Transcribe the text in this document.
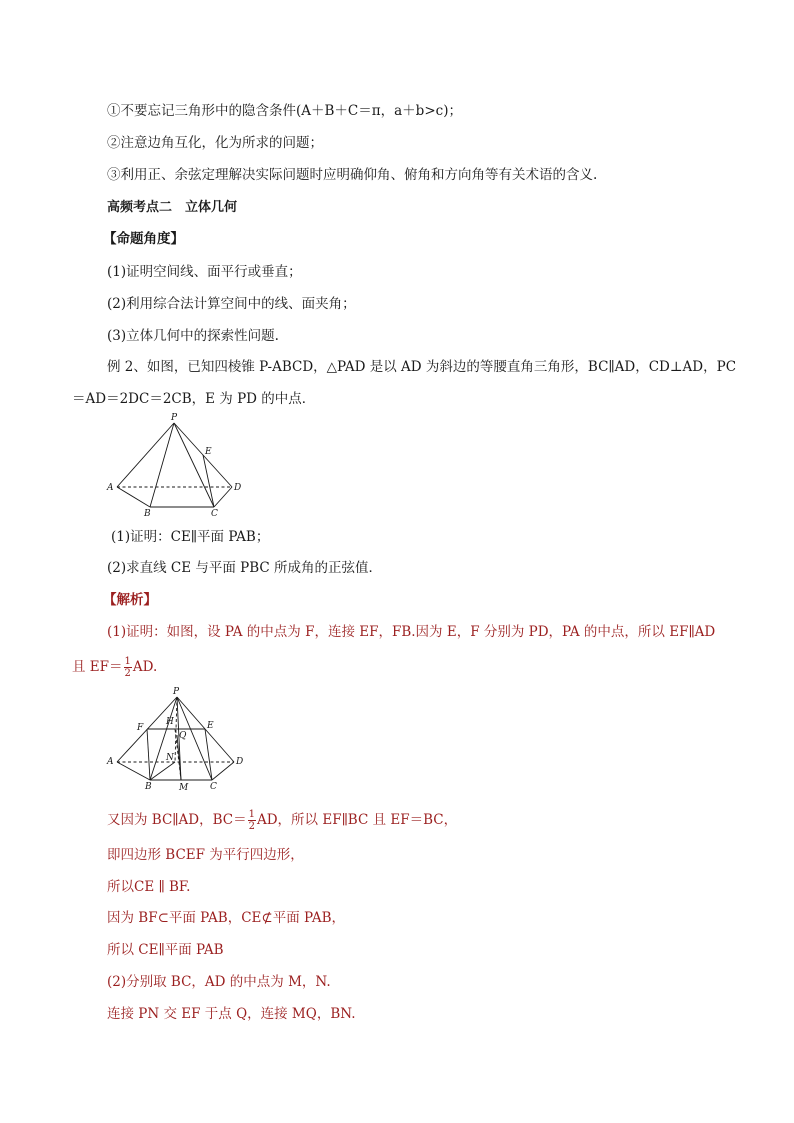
①不要忘记三角形中的隐含条件(A＋B＋C＝π，a＋b>c)；
②注意边角互化，化为所求的问题；
③利用正、余弦定理解决实际问题时应明确仰角、俯角和方向角等有关术语的含义.
高频考点二　立体几何
【命题角度】
(1)证明空间线、面平行或垂直；
(2)利用综合法计算空间中的线、面夹角；
(3)立体几何中的探索性问题.
例 2、如图，已知四棱锥 P-ABCD，△PAD 是以 AD 为斜边的等腰直角三角形，BC∥AD，CD⊥AD，PC
＝AD＝2DC＝2CB，E 为 PD 的中点．
P
E
A	D
B	C
(1)证明：CE∥平面 PAB；
(2)求直线 CE 与平面 PBC 所成角的正弦值．
【解析】
(1)证明：如图，设 PA 的中点为 F，连接 EF，FB.因为 E，F 分别为 PD，PA 的中点，所以 EF∥AD
且 $EF= \frac{1}{2}$ AD.
P
F
H
Q
E
N
A	D
B	M C
又因为 BC∥AD，$BC= \frac{1}{2}$ AD，所以 EF∥BC 且 EF＝BC，
即四边形 BCEF 为平行四边形，
所以CE ∥ BF.
因为 BF⊂平面 PAB，CE⊄平面 PAB，
所以 CE∥平面 PAB
(2)分别取 BC，AD 的中点为 M，N.
连接 PN 交 EF 于点 Q，连接 MQ，BN.
